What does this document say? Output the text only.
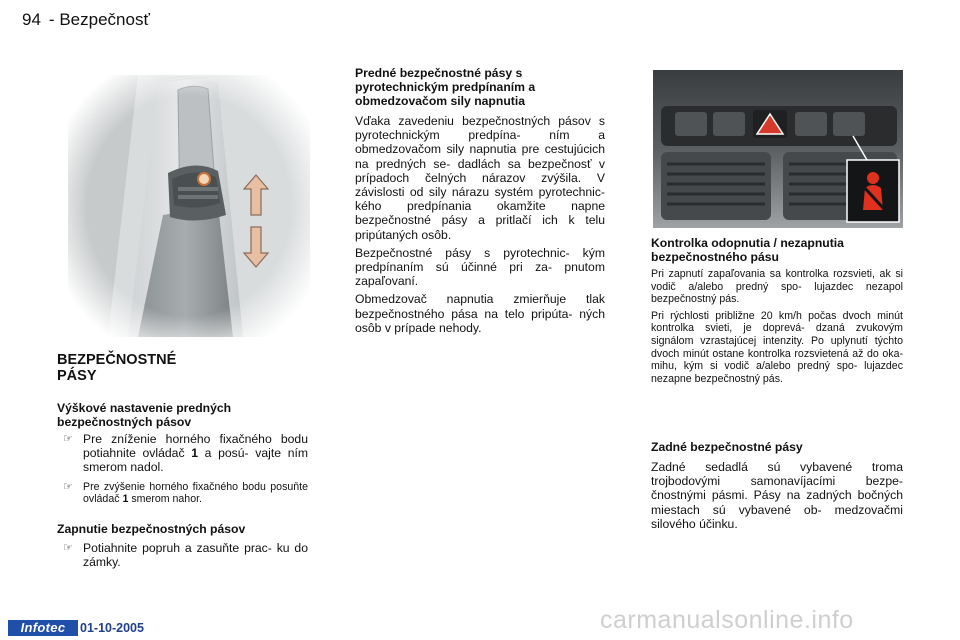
94 - Bezpečnosť
BEZPEČNOSTNÉ
PÁSY

Výškové nastavenie predných

bezpečnostných pásov

☞ Pre zníženie horného fixačného bodu potiahnite ovládač 1 a posú- vajte ním smerom nadol.

☞ Pre zvýšenie horného fixačného bodu posuňte ovládač 1 smerom nahor.

Zapnutie bezpečnostných pásov

☞ Potiahnite popruh a zasuňte prac- ku do zámky.

Predné bezpečnostné pásy s

pyrotechnickým predpínaním a

obmedzovačom sily napnutia

Vďaka zavedeniu bezpečnostných pásov s pyrotechnickým predpína- ním a obmedzovačom sily napnutia pre cestujúcich na predných se- dadlách sa bezpečnosť v prípadoch čelných nárazov zvýšila. V závislosti od sily nárazu systém pyrotechnic- kého predpínania okamžite napne bezpečnostné pásy a pritlačí ich k telu pripútaných osôb.

Bezpečnostné pásy s pyrotechnic- kým predpínaním sú účinné pri za- pnutom zapaľovaní.

Obmedzovač napnutia zmierňuje tlak bezpečnostného pása na telo pripúta- ných osôb v prípade nehody.

Kontrolka odopnutia / nezapnutia

bezpečnostného pásu

Pri zapnutí zapaľovania sa kontrolka rozsvieti, ak si vodič a/alebo predný spo- lujazdec nezapol bezpečnostný pás.

Pri rýchlosti približne 20 km/h počas dvoch minút kontrolka svieti, je doprevá- dzaná zvukovým signálom vzrastajúcej intenzity. Po uplynutí týchto dvoch minút ostane kontrolka rozsvietená až do oka- mihu, kým si vodič a/alebo predný spo- lujazdec nezapne bezpečnostný pás.

Zadné bezpečnostné pásy

Zadné sedadlá sú vybavené troma trojbodovými samonavíjacími bezpe- čnostnými pásmi. Pásy na zadných bočných miestach sú vybavené ob- medzovačmi silového účinku.

Infotec	01-10-2005	carmanualsonline.info
